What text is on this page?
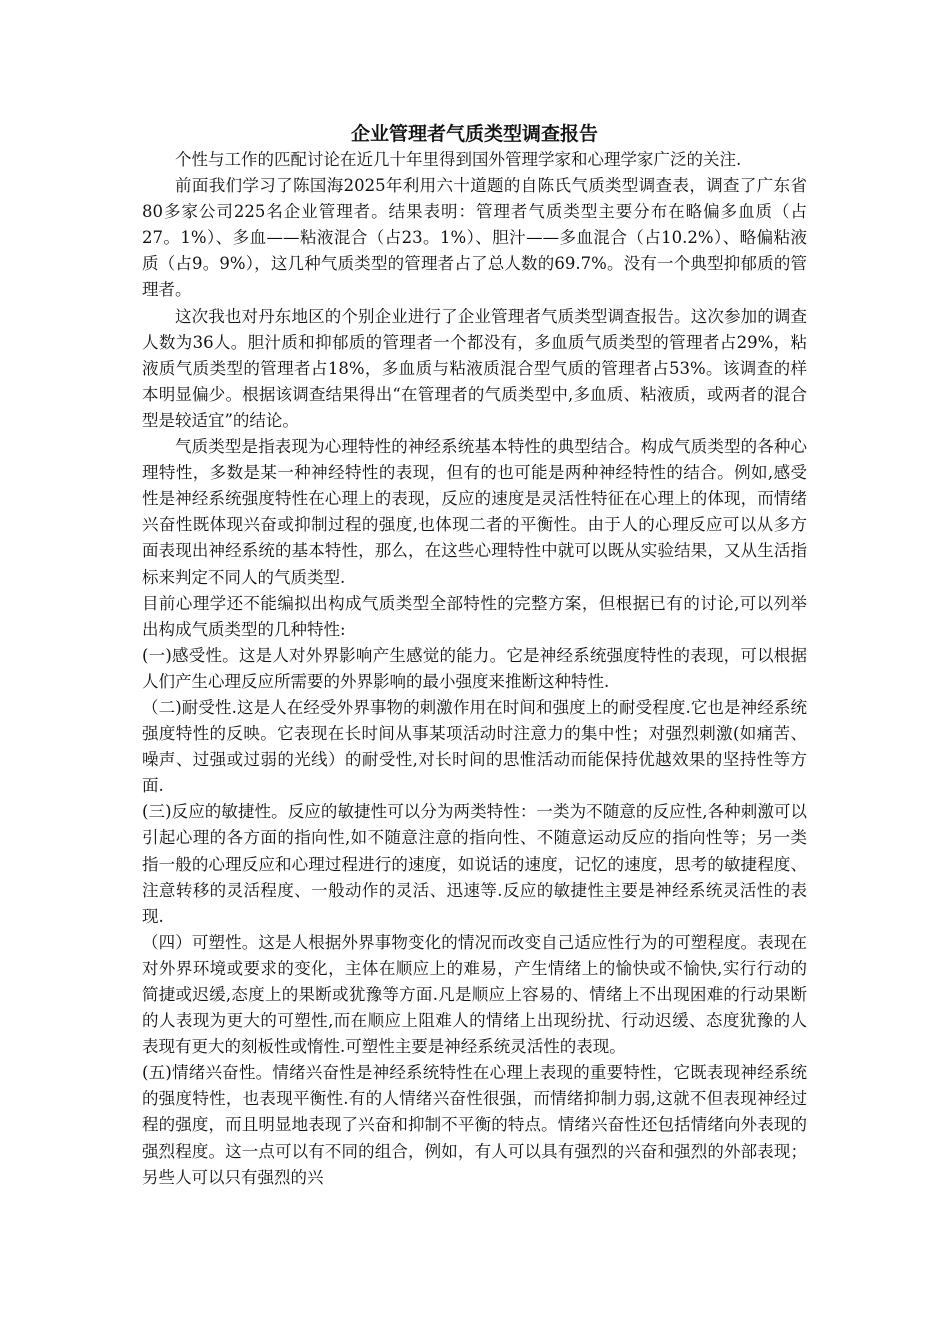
企业管理者气质类型调查报告

个性与工作的匹配讨论在近几十年里得到国外管理学家和心理学家广泛的关注.

前面我们学习了陈国海2025年利用六十道题的自陈氏气质类型调查表，调查了广东省80多家公司225名企业管理者。结果表明：管理者气质类型主要分布在略偏多血质（占27。1%）、多血——粘液混合（占23。1%）、胆汁——多血混合（占10.2%）、略偏粘液质（占9。9%），这几种气质类型的管理者占了总人数的69.7%。没有一个典型抑郁质的管理者。

这次我也对丹东地区的个别企业进行了企业管理者气质类型调查报告。这次参加的调查人数为36人。胆汁质和抑郁质的管理者一个都没有，多血质气质类型的管理者占29%，粘液质气质类型的管理者占18%，多血质与粘液质混合型气质的管理者占53%。该调查的样本明显偏少。根据该调查结果得出“在管理者的气质类型中,多血质、粘液质，或两者的混合型是较适宜”的结论。

气质类型是指表现为心理特性的神经系统基本特性的典型结合。构成气质类型的各种心理特性，多数是某一种神经特性的表现，但有的也可能是两种神经特性的结合。例如,感受性是神经系统强度特性在心理上的表现，反应的速度是灵活性特征在心理上的体现，而情绪兴奋性既体现兴奋或抑制过程的强度,也体现二者的平衡性。由于人的心理反应可以从多方面表现出神经系统的基本特性，那么，在这些心理特性中就可以既从实验结果，又从生活指标来判定不同人的气质类型.

目前心理学还不能编拟出构成气质类型全部特性的完整方案，但根据已有的讨论,可以列举出构成气质类型的几种特性:

(一)感受性。这是人对外界影响产生感觉的能力。它是神经系统强度特性的表现，可以根据人们产生心理反应所需要的外界影响的最小强度来推断这种特性.

（二)耐受性.这是人在经受外界事物的刺激作用在时间和强度上的耐受程度.它也是神经系统强度特性的反映。它表现在长时间从事某项活动时注意力的集中性；对强烈刺激(如痛苦、噪声、过强或过弱的光线）的耐受性,对长时间的思惟活动而能保持优越效果的坚持性等方面.

(三)反应的敏捷性。反应的敏捷性可以分为两类特性：一类为不随意的反应性,各种刺激可以引起心理的各方面的指向性,如不随意注意的指向性、不随意运动反应的指向性等；另一类指一般的心理反应和心理过程进行的速度，如说话的速度，记忆的速度，思考的敏捷程度、注意转移的灵活程度、一般动作的灵活、迅速等.反应的敏捷性主要是神经系统灵活性的表现.

（四）可塑性。这是人根据外界事物变化的情况而改变自己适应性行为的可塑程度。表现在对外界环境或要求的变化，主体在顺应上的难易，产生情绪上的愉快或不愉快,实行行动的简捷或迟缓,态度上的果断或犹豫等方面.凡是顺应上容易的、情绪上不出现困难的行动果断的人表现为更大的可塑性,而在顺应上阻难人的情绪上出现纷扰、行动迟缓、态度犹豫的人表现有更大的刻板性或惰性.可塑性主要是神经系统灵活性的表现。

(五)情绪兴奋性。情绪兴奋性是神经系统特性在心理上表现的重要特性，它既表现神经系统的强度特性，也表现平衡性.有的人情绪兴奋性很强，而情绪抑制力弱,这就不但表现神经过程的强度，而且明显地表现了兴奋和抑制不平衡的特点。情绪兴奋性还包括情绪向外表现的强烈程度。这一点可以有不同的组合，例如，有人可以具有强烈的兴奋和强烈的外部表现；另些人可以只有强烈的兴
